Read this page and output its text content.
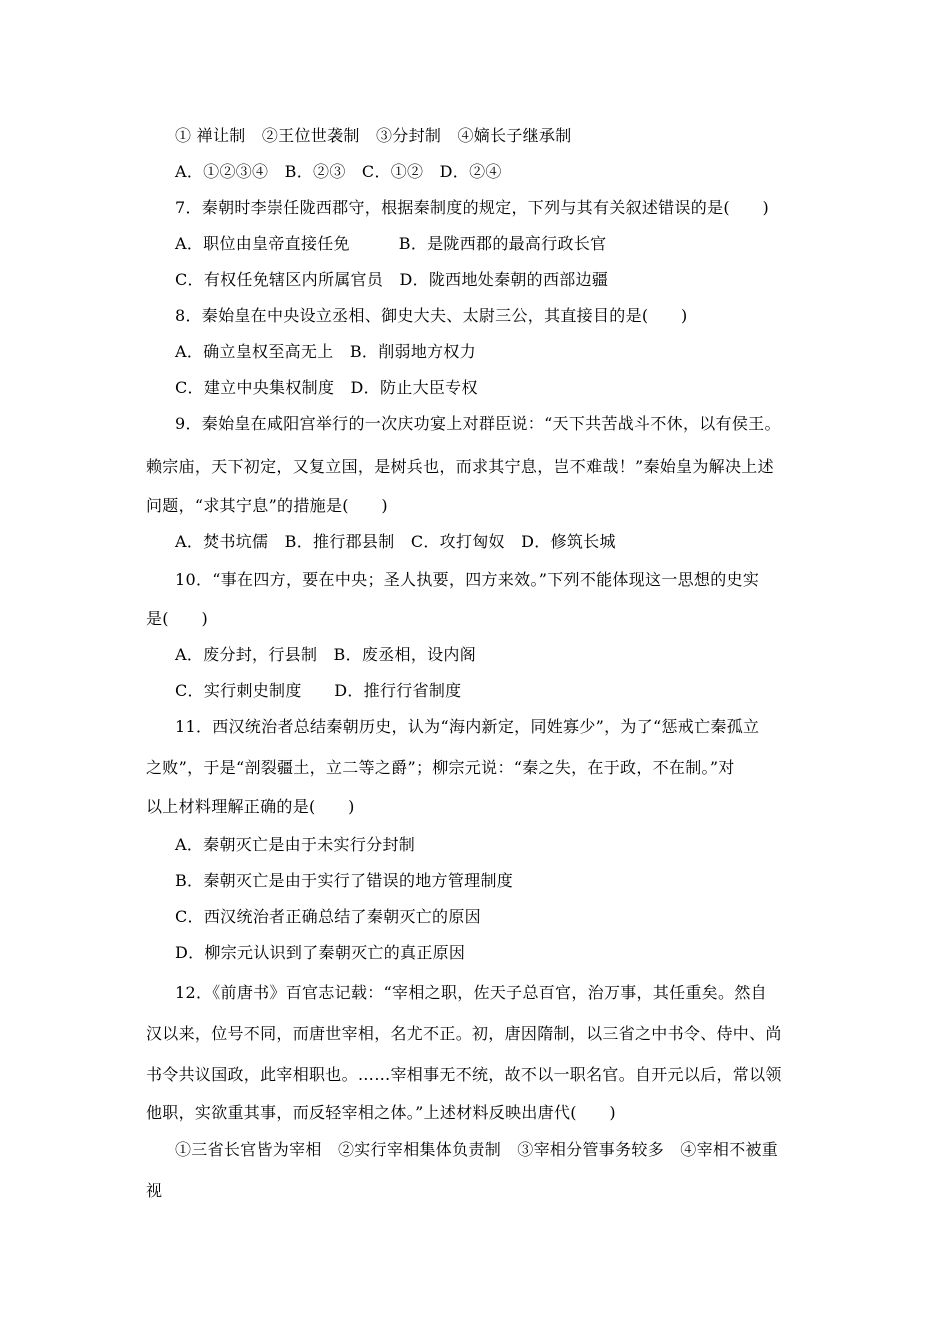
① 禅让制　②王位世袭制　③分封制　④嫡长子继承制
A．①②③④　B．②③　C．①②　D．②④
7．秦朝时李崇任陇西郡守，根据秦制度的规定，下列与其有关叙述错误的是(　　)
A．职位由皇帝直接任免　　　B．是陇西郡的最高行政长官
C．有权任免辖区内所属官员　D．陇西地处秦朝的西部边疆
8．秦始皇在中央设立丞相、御史大夫、太尉三公，其直接目的是(　　)
A．确立皇权至高无上　B．削弱地方权力
C．建立中央集权制度　D．防止大臣专权
9．秦始皇在咸阳宫举行的一次庆功宴上对群臣说：“天下共苦战斗不休，以有侯王。
赖宗庙，天下初定，又复立国，是树兵也，而求其宁息，岂不难哉！”秦始皇为解决上述
问题，“求其宁息”的措施是(　　)
A．焚书坑儒　B．推行郡县制　C．攻打匈奴　D．修筑长城
10．“事在四方，要在中央；圣人执要，四方来效。”下列不能体现这一思想的史实
是(　　)
A．废分封，行县制　B．废丞相，设内阁
C．实行刺史制度　　D．推行行省制度
11．西汉统治者总结秦朝历史，认为“海内新定，同姓寡少”，为了“惩戒亡秦孤立
之败”，于是“剖裂疆土，立二等之爵”；柳宗元说：“秦之失，在于政，不在制。”对
以上材料理解正确的是(　　)
A．秦朝灭亡是由于未实行分封制
B．秦朝灭亡是由于实行了错误的地方管理制度
C．西汉统治者正确总结了秦朝灭亡的原因
D．柳宗元认识到了秦朝灭亡的真正原因
12．《前唐书》百官志记载：“宰相之职，佐天子总百官，治万事，其任重矣。然自
汉以来，位号不同，而唐世宰相，名尤不正。初，唐因隋制，以三省之中书令、侍中、尚
书令共议国政，此宰相职也。……宰相事无不统，故不以一职名官。自开元以后，常以领
他职，实欲重其事，而反轻宰相之体。”上述材料反映出唐代(　　)
①三省长官皆为宰相　②实行宰相集体负责制　③宰相分管事务较多　④宰相不被重
视
